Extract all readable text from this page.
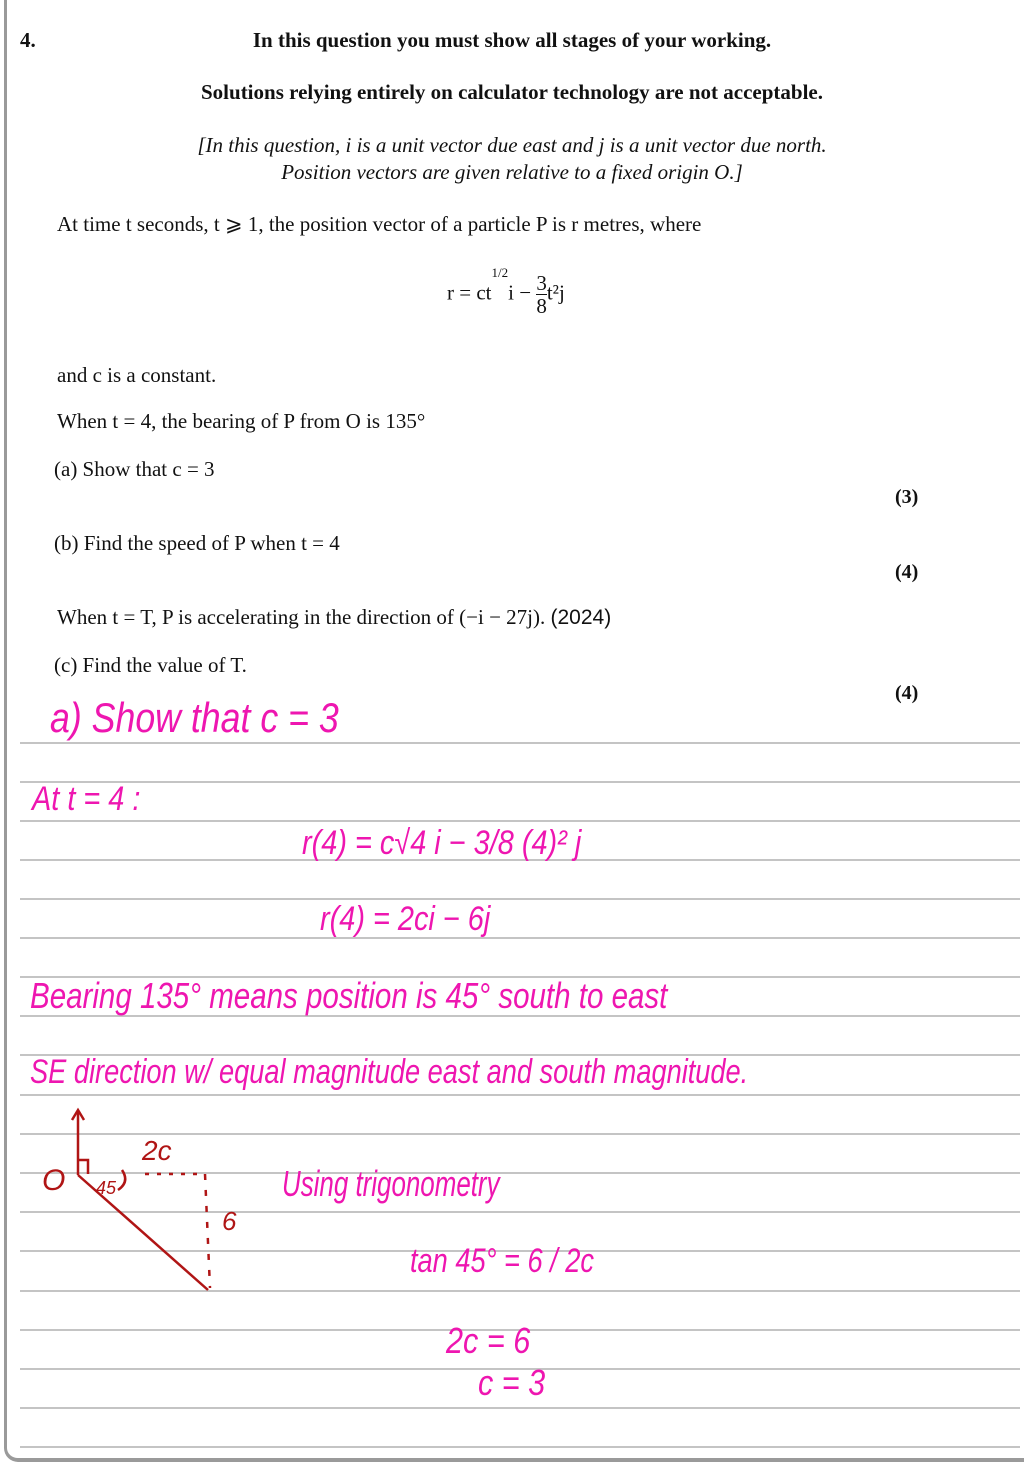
4.	In this question you must show all stages of your working.
Solutions relying entirely on calculator technology are not acceptable.
[In this question, i is a unit vector due east and j is a unit vector due north.
Position vectors are given relative to a fixed origin O.]
At time t seconds, t ⩾ 1, the position vector of a particle P is r metres, where
$r = ct^{1/2}i - \frac{3}{8} t^2j$
and c is a constant.
When t = 4, the bearing of P from O is 135°
(a) Show that c = 3
(3)
(b) Find the speed of P when t = 4
(4)
When t = T, P is accelerating in the direction of (−i − 27j). (2024)
(c) Find the value of T.
(4)
a) Show that c = 3
At t = 4 :
r(4) = c√4 i − 3/8 (4)² j
r(4) = 2ci − 6j
Bearing 135° means position is 45° south to east
SE direction w/ equal magnitude east and south magnitude.
O
2c
6
45	Using trigonometry
tan 45° = 6 / 2c
2c = 6
c = 3
